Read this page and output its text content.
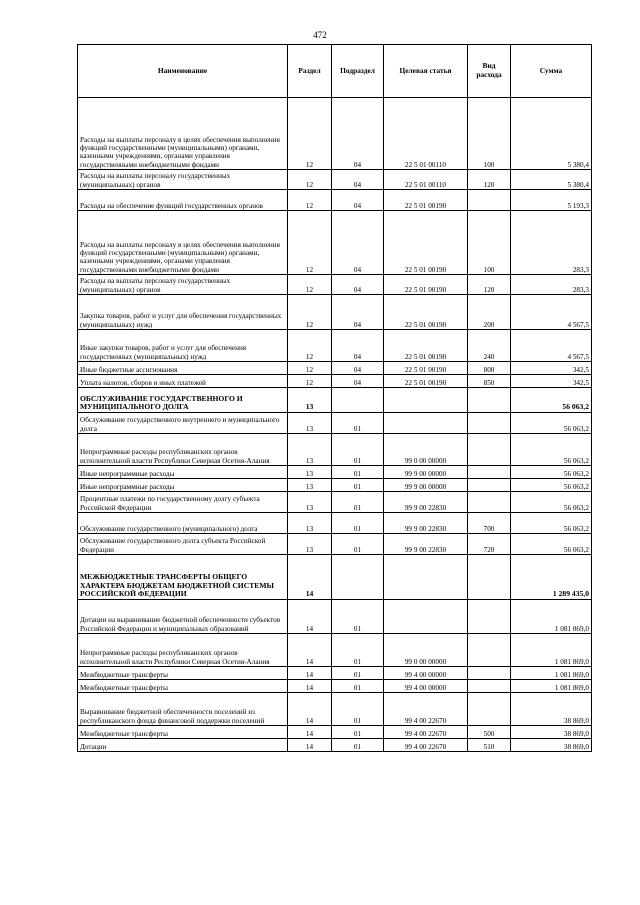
472
Наименование	Раздел	Подраздел	Целевая статья	Вид расхода	Сумма
Расходы на выплаты персоналу в целях обеспечения выполнения функций государственными (муниципальными) органами, казенными учреждениями, органами управления государственными внебюджетными фондами	12	04	22 5 01 00110	100	5 380,4
Расходы на выплаты персоналу государственных (муниципальных) органов	12	04	22 5 01 00110	120	5 380,4
Расходы на обеспечение функций государственных органов	12	04	22 5 01 00190		5 193,3
Расходы на выплаты персоналу в целях обеспечения выполнения функций государственными (муниципальными) органами, казенными учреждениями, органами управления государственными внебюджетными фондами	12	04	22 5 01 00190	100	283,3
Расходы на выплаты персоналу государственных (муниципальных) органов	12	04	22 5 01 00190	120	283,3
Закупка товаров, работ и услуг для обеспечения государственных (муниципальных) нужд	12	04	22 5 01 00190	200	4 567,5
Иные закупки товаров, работ и услуг для обеспечения государственных (муниципальных) нужд	12	04	22 5 01 00190	240	4 567,5
Иные бюджетные ассигнования	12	04	22 5 01 00190	800	342,5
Уплата налогов, сборов и иных платежей	12	04	22 5 01 00190	850	342,5
ОБСЛУЖИВАНИЕ ГОСУДАРСТВЕННОГО И МУНИЦИПАЛЬНОГО ДОЛГА	13				56 063,2
Обслуживание государственного внутреннего и муниципального долга	13	01			56 063,2
Непрограммные расходы республиканских органов исполнительной власти Республики Северная Осетия-Алания	13	01	99 0 00 00000		56 063,2
Иные непрограммные расходы	13	01	99 9 00 00000		56 063,2
Иные непрограммные расходы	13	01	99 9 00 00000		56 063,2
Процентные платежи по государственному долгу субъекта Российской Федерации	13	01	99 9 00 22830		56 063,2
Обслуживание государственного (муниципального) долга	13	01	99 9 00 22830	700	56 063,2
Обслуживание государственного долга субъекта Российской Федерации	13	01	99 9 00 22830	720	56 063,2
МЕЖБЮДЖЕТНЫЕ ТРАНСФЕРТЫ ОБЩЕГО ХАРАКТЕРА БЮДЖЕТАМ БЮДЖЕТНОЙ СИСТЕМЫ РОССИЙСКОЙ ФЕДЕРАЦИИ	14				1 289 435,0
Дотации на выравнивание бюджетной обеспеченности субъектов Российской Федерации и муниципальных образований	14	01			1 081 869,0
Непрограммные расходы республиканских органов исполнительной власти Республики Северная Осетия-Алания	14	01	99 0 00 00000		1 081 869,0
Межбюджетные трансферты	14	01	99 4 00 00000		1 081 869,0
Межбюджетные трансферты	14	01	99 4 00 00000		1 081 869,0
Выравнивание бюджетной обеспеченности поселений из республиканского фонда финансовой поддержки поселений	14	01	99 4 00 22670		38 869,0
Межбюджетные трансферты	14	01	99 4 00 22670	500	38 869,0
Дотации	14	01	99 4 00 22670	510	38 869,0
